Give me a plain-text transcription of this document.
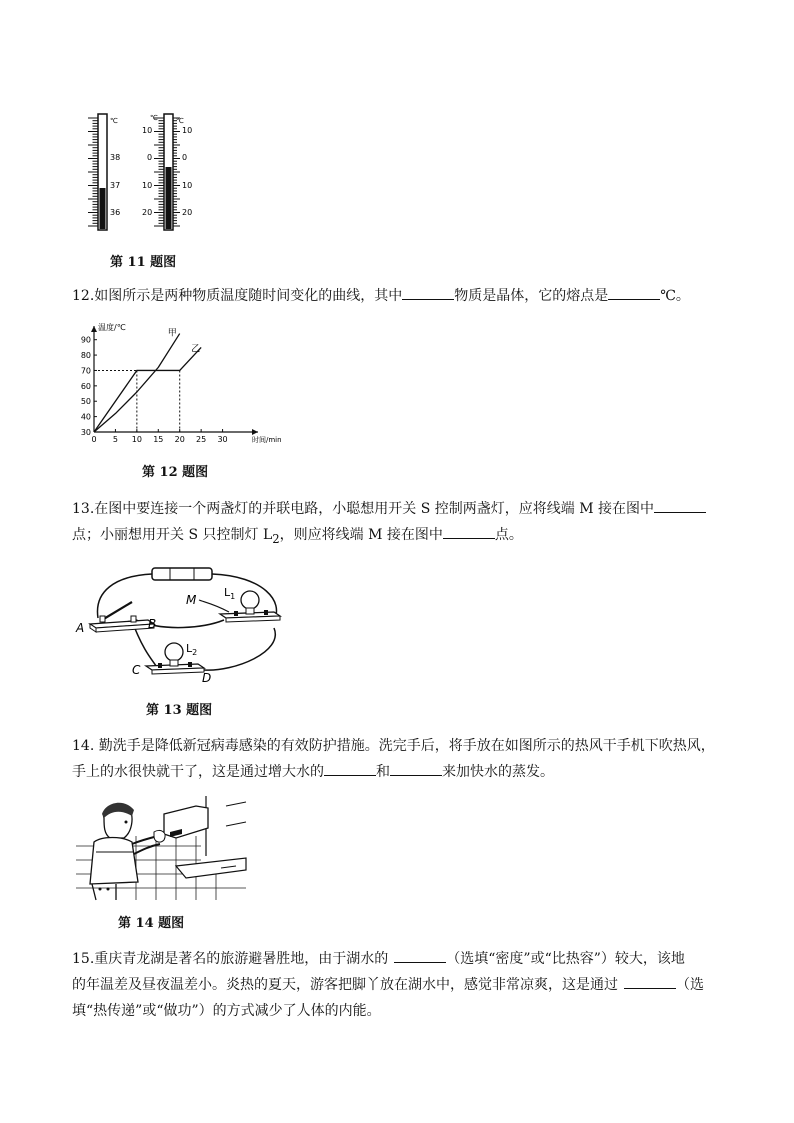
℃
38
37
36
℃
℃
10
0
10
20
10
0
10
20
第 11 题图
12.如图所示是两种物质温度随时间变化的曲线，其中	物质是晶体，它的熔点是	℃。
0 5 10 15 20 25 30
30
40
50
60
70
80
90
温度/℃
时间/min
甲
乙
第 12 题图
13.在图中要连接一个两盏灯的并联电路，小聪想用开关 S 控制两盏灯，应将线端 M 接在图中
点；小丽想用开关 S 只控制灯 $L_2$，则应将线端 M 接在图中	点。
A	B
C
D
M
$L_1$
$L_2$
第 13 题图
14. 勤洗手是降低新冠病毒感染的有效防护措施。洗完手后，将手放在如图所示的热风干手机下吹热风，
手上的水很快就干了，这是通过增大水的	和	来加快水的蒸发。
第 14 题图
15.重庆青龙湖是著名的旅游避暑胜地，由于湖水的	（选填“密度”或“比热容”）较大，该地
的年温差及昼夜温差小。炎热的夏天，游客把脚丫放在湖水中，感觉非常凉爽，这是通过	（选
填“热传递”或“做功”）的方式减少了人体的内能。
